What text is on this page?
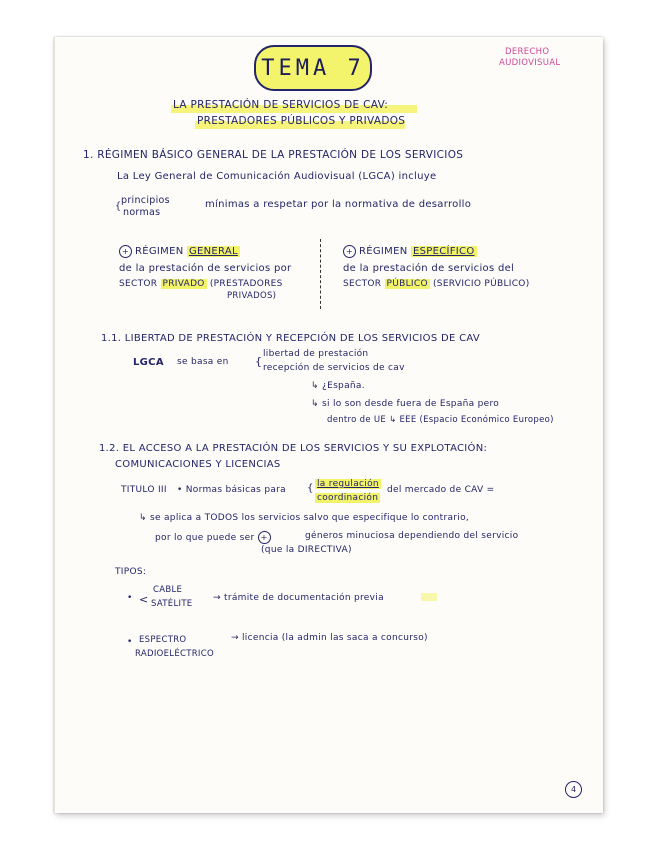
DERECHO
AUDIOVISUAL
TEMA 7
LA PRESTACIÓN DE SERVICIOS DE CAV:
PRESTADORES PÚBLICOS Y PRIVADOS
1. RÉGIMEN BÁSICO GENERAL DE LA PRESTACIÓN DE LOS SERVICIOS
La Ley General de Comunicación Audiovisual (LGCA) incluye
principios
normas
{	mínimas a respetar por la normativa de desarrollo
+ RÉGIMEN GENERAL
de la prestación de servicios por
SECTOR PRIVADO (PRESTADORES
PRIVADOS)
+ RÉGIMEN ESPECÍFICO
de la prestación de servicios del
SECTOR PÚBLICO (SERVICIO PÚBLICO)
1.1. LIBERTAD DE PRESTACIÓN Y RECEPCIÓN DE LOS SERVICIOS DE CAV
LGCA se basa en {
libertad de prestación
recepción de servicios de cav
↳ ¿España.
↳ si lo son desde fuera de España pero
dentro de UE ↳ EEE (Espacio Económico Europeo)
1.2. EL ACCESO A LA PRESTACIÓN DE LOS SERVICIOS Y SU EXPLOTACIÓN:
COMUNICACIONES Y LICENCIAS
TITULO III • Normas básicas para { la regulación
coordinación
del mercado de CAV =
↳ se aplica a TODOS los servicios salvo que especifique lo contrario,
por lo que puede ser +	géneros minuciosa dependiendo del servicio
(que la DIRECTIVA)
TIPOS:
• <
CABLE
SATÉLITE
→ trámite de documentación previa
• ESPECTRO
RADIOELÉCTRICO
→ licencia (la admin las saca a concurso)
4
